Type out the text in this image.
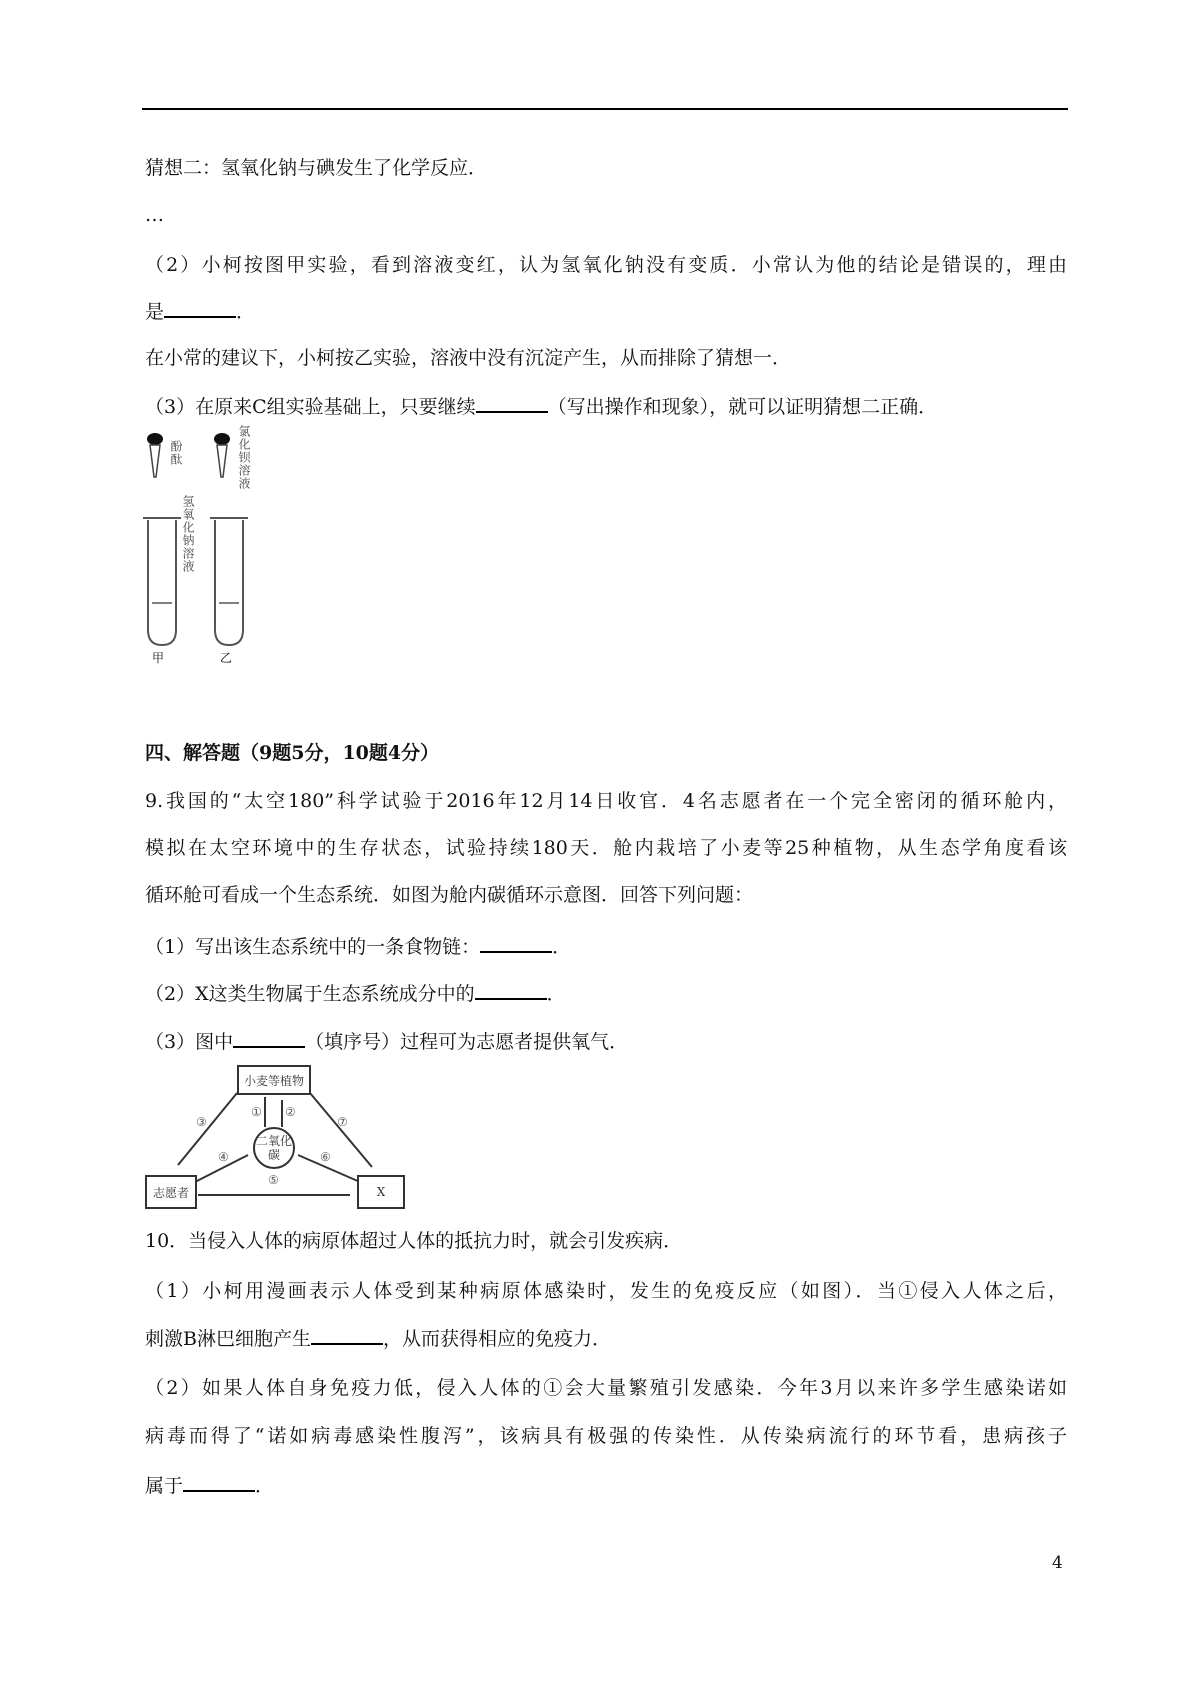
猜想二：氢氧化钠与碘发生了化学反应．
…
（2）小柯按图甲实验，看到溶液变红，认为氢氧化钠没有变质．小常认为他的结论是错误的，理由
是	．
在小常的建议下，小柯按乙实验，溶液中没有沉淀产生，从而排除了猜想一．
（3）在原来C组实验基础上，只要继续	（写出操作和现象），就可以证明猜想二正确．
酚酞	氯化钡溶液
氢氧化钠溶液
甲	乙
四、解答题（9题5分，10题4分）
9.我国的“太空180”科学试验于2016年12月14日收官．4名志愿者在一个完全密闭的循环舱内，
模拟在太空环境中的生存状态，试验持续180天．舱内栽培了小麦等25种植物，从生态学角度看该
循环舱可看成一个生态系统．如图为舱内碳循环示意图．回答下列问题：
（1）写出该生态系统中的一条食物链：	．
（2）X这类生物属于生态系统成分中的	．
（3）图中	（填序号）过程可为志愿者提供氧气．
小麦等植物
二氧化碳
志愿者	X
① ②
③
④
⑤
⑥
⑦
10．当侵入人体的病原体超过人体的抵抗力时，就会引发疾病．
（1）小柯用漫画表示人体受到某种病原体感染时，发生的免疫反应（如图）．当①侵入人体之后，
刺激B淋巴细胞产生	，从而获得相应的免疫力．
（2）如果人体自身免疫力低，侵入人体的①会大量繁殖引发感染．今年3月以来许多学生感染诺如
病毒而得了“诺如病毒感染性腹泻”，该病具有极强的传染性．从传染病流行的环节看，患病孩子
属于	．
4
